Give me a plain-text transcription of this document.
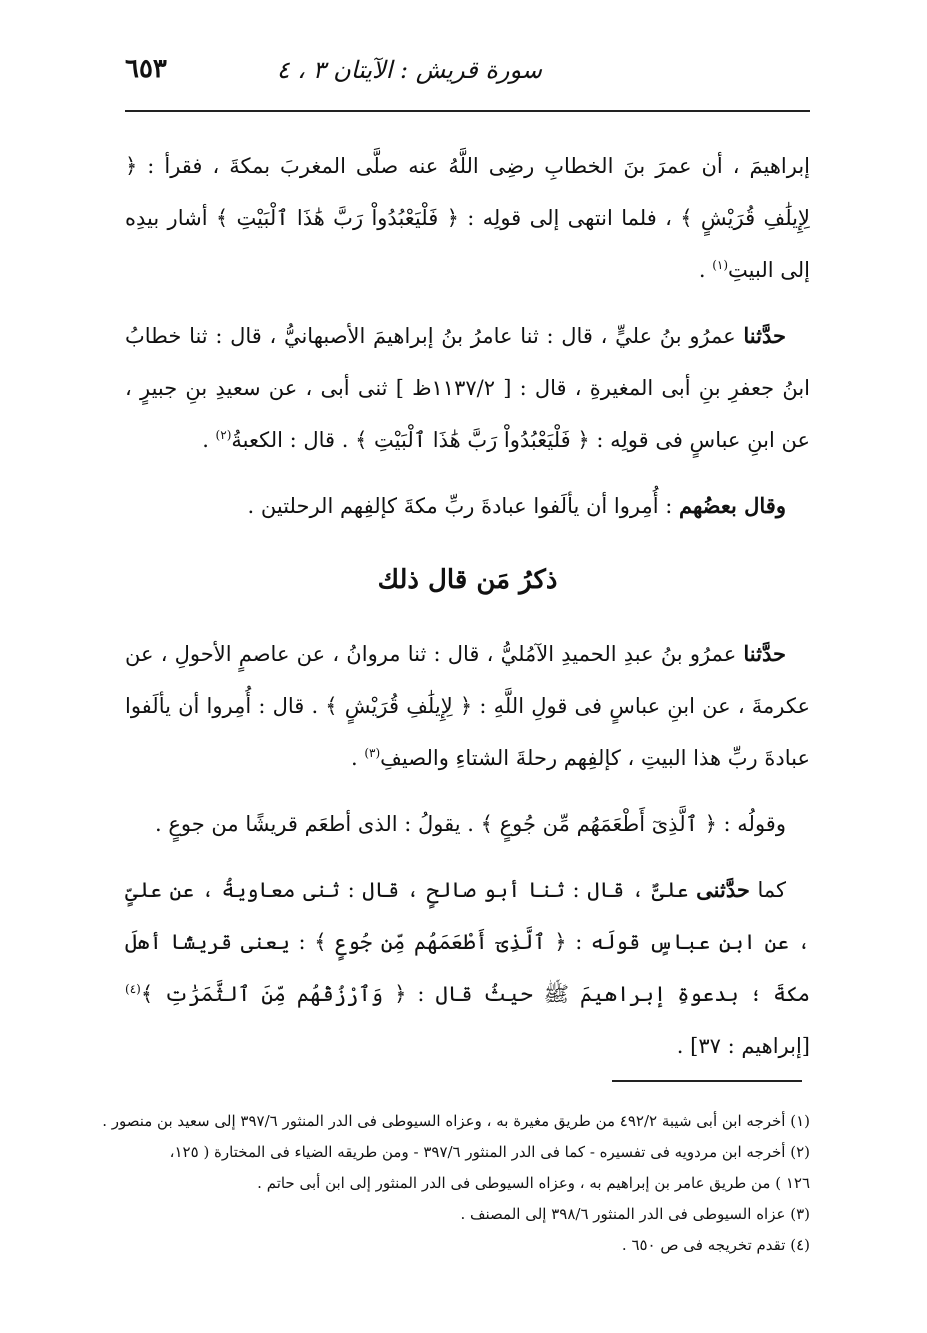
سورة قريش : الآيتان ٣ ، ٤
٦٥٣

إبراهيمَ ، أن عمرَ بنَ الخطابِ رضِى اللَّهُ عنه صلَّى المغربَ بمكةَ ، فقرأ : ﴿ لِإِيلَٰفِ قُرَيْشٍ ﴾ ، فلما انتهى إلى قولِه : ﴿ فَلْيَعْبُدُواْ رَبَّ هَٰذَا ٱلْبَيْتِ ﴾ أشار بيدِه إلى البيتِ$^{(١)}$ .

حدَّثنا عمرُو بنُ عليٍّ ، قال : ثنا عامرُ بنُ إبراهيمَ الأصبهانيُّ ، قال : ثنا خطابُ ابنُ جعفرِ بنِ أبى المغيرةِ ، قال : [ ١١٣٧/٢ظ ] ثنى أبى ، عن سعيدِ بنِ جبيرٍ ، عن ابنِ عباسٍ فى قولِه : ﴿ فَلْيَعْبُدُواْ رَبَّ هَٰذَا ٱلْبَيْتِ ﴾ . قال : الكعبةُ$^{(٢)}$ .

وقال بعضُهم : أُمِروا أن يألَفوا عبادةَ ربِّ مكةَ كإلفِهم الرحلتين .

ذكرُ مَن قال ذلك

حدَّثنا عمرُو بنُ عبدِ الحميدِ الآمُليُّ ، قال : ثنا مروانُ ، عن عاصمٍ الأحولِ ، عن عكرمةَ ، عن ابنِ عباسٍ فى قولِ اللَّهِ : ﴿ لِإِيلَٰفِ قُرَيْشٍ ﴾ . قال : أُمِروا أن يألَفوا عبادةَ ربِّ هذا البيتِ ، كإلفِهم رحلةَ الشتاءِ والصيفِ$^{(٣)}$ .

وقولُه : ﴿ ٱلَّذِىٓ أَطْعَمَهُم مِّن جُوعٍ ﴾ . يقولُ : الذى أطعَم قريشًا من جوعٍ .

كما حدَّثنى علىٌّ ، قال : ثنا أبو صالحٍ ، قال : ثنى معاويةُ ، عن علىٍّ ، عن ابنِ عباسٍ قولَه : ﴿ ٱلَّذِىٓ أَطْعَمَهُم مِّن جُوعٍ ﴾ : يعنى قريشًا أهلَ مكةَ ؛ بدعوةِ إبراهيمَ ﷺ حيثُ قال : ﴿ وَٱرْزُقْهُم مِّنَ ٱلثَّمَرَٰتِ ﴾$^{(٤)}$ [إبراهيم : ٣٧] .

(١) أخرجه ابن أبى شيبة ٤٩٢/٢ من طريق مغيرة به ، وعزاه السيوطى فى الدر المنثور ٣٩٧/٦ إلى سعيد بن منصور .

(٢) أخرجه ابن مردويه فى تفسيره - كما فى الدر المنثور ٣٩٧/٦ - ومن طريقه الضياء فى المختارة ( ١٢٥،

١٢٦ ) من طريق عامر بن إبراهيم به ، وعزاه السيوطى فى الدر المنثور إلى ابن أبى حاتم .

(٣) عزاه السيوطى فى الدر المنثور ٣٩٨/٦ إلى المصنف .

(٤) تقدم تخريجه فى ص ٦٥٠ .
